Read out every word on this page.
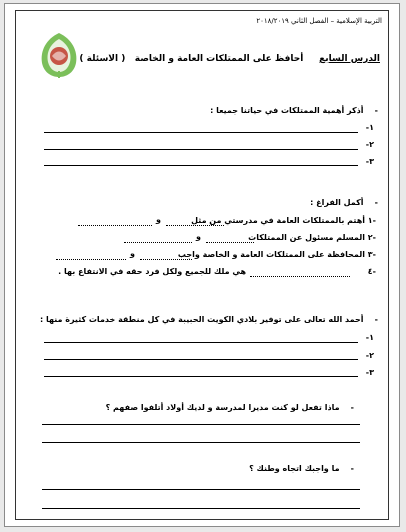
التربية الإسلامية – الفصل الثاني ٢٠١٨/٢٠١٩
الدرس السابع     أحافظ على الممتلكات العامة و الخاصة   ( الاسئلة )
-    أذكر أهمية الممتلكات في حياتنا جميعا :
-١
-٢
-٣
-    أكمل الفراغ :
-١ أهتم بالممتلكات العامة في مدرستي من مثل
و
-٢ المسلم مسئول عن الممتلكات
و
-٣ المحافظة على الممتلكات العامة و الخاصة واجب
و
-٤
هي ملك للجميع ولكل فرد حقه في الانتفاع بها .
-    أحمد الله تعالى على توفير بلادي الكويت الحبيبة في كل منطقة خدمات كثيرة منها :
-١
-٢
-٣
-    ماذا تفعل لو كنت مديرا لمدرسة و لديك أولاد أتلفوا صفهم ؟
-    ما واجبك اتجاه وطنك ؟
